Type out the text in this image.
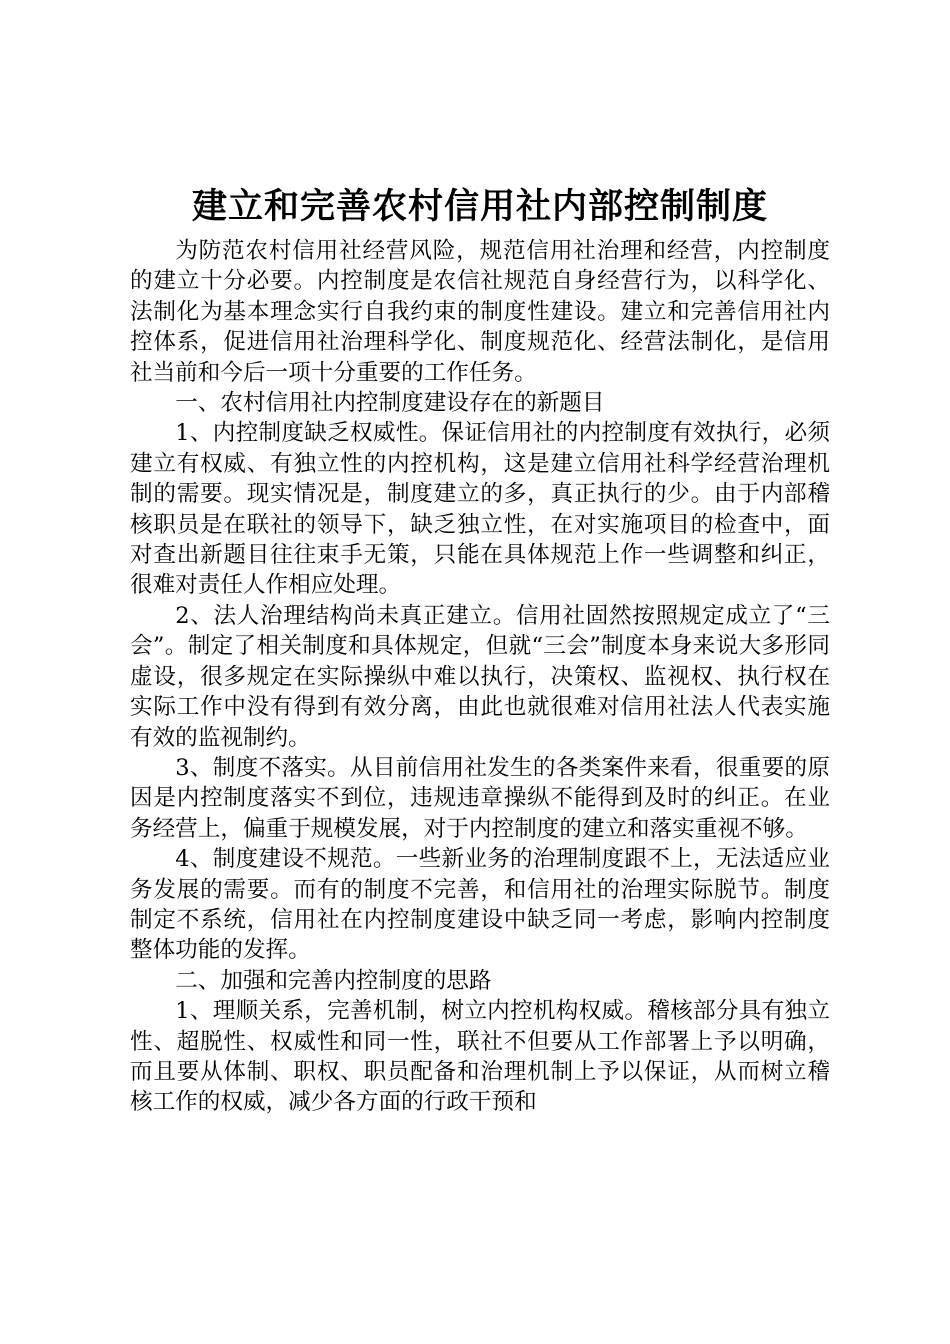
建立和完善农村信用社内部控制制度

为防范农村信用社经营风险，规范信用社治理和经营，内控制度的建立十分必要。内控制度是农信社规范自身经营行为，以科学化、法制化为基本理念实行自我约束的制度性建设。建立和完善信用社内控体系，促进信用社治理科学化、制度规范化、经营法制化，是信用社当前和今后一项十分重要的工作任务。

一、农村信用社内控制度建设存在的新题目

1、内控制度缺乏权威性。保证信用社的内控制度有效执行，必须建立有权威、有独立性的内控机构，这是建立信用社科学经营治理机制的需要。现实情况是，制度建立的多，真正执行的少。由于内部稽核职员是在联社的领导下，缺乏独立性，在对实施项目的检查中，面对查出新题目往往束手无策，只能在具体规范上作一些调整和纠正，很难对责任人作相应处理。

2、法人治理结构尚未真正建立。信用社固然按照规定成立了“三会”。制定了相关制度和具体规定，但就“三会”制度本身来说大多形同虚设，很多规定在实际操纵中难以执行，决策权、监视权、执行权在实际工作中没有得到有效分离，由此也就很难对信用社法人代表实施有效的监视制约。

3、制度不落实。从目前信用社发生的各类案件来看，很重要的原因是内控制度落实不到位，违规违章操纵不能得到及时的纠正。在业务经营上，偏重于规模发展，对于内控制度的建立和落实重视不够。

4、制度建设不规范。一些新业务的治理制度跟不上，无法适应业务发展的需要。而有的制度不完善，和信用社的治理实际脱节。制度制定不系统，信用社在内控制度建设中缺乏同一考虑，影响内控制度整体功能的发挥。

二、加强和完善内控制度的思路

1、理顺关系，完善机制，树立内控机构权威。稽核部分具有独立性、超脱性、权威性和同一性，联社不但要从工作部署上予以明确，而且要从体制、职权、职员配备和治理机制上予以保证，从而树立稽核工作的权威，减少各方面的行政干预和
